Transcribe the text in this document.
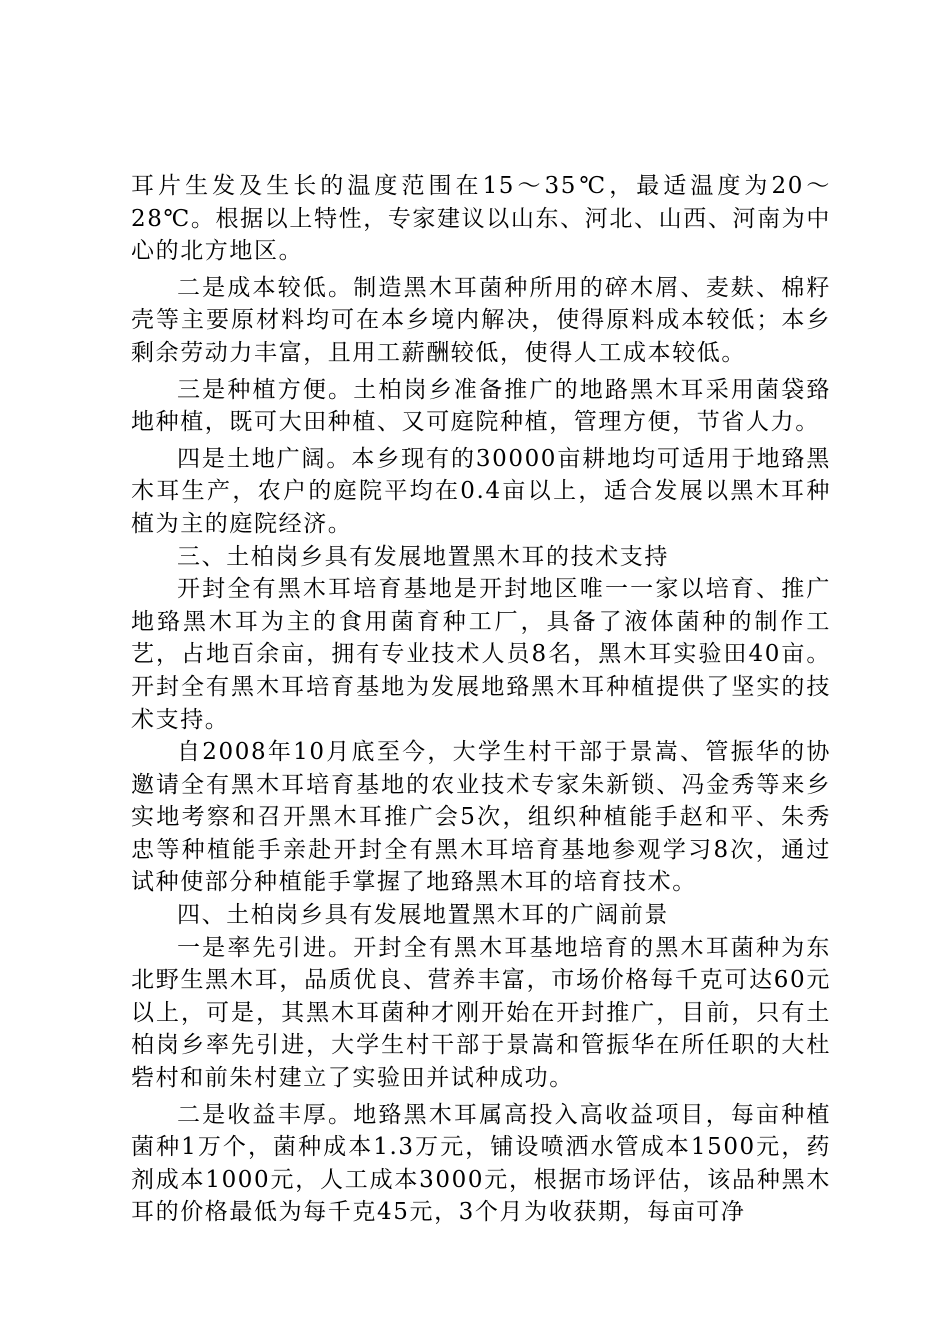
耳片生发及生长的温度范围在15～35℃，最适温度为20～28℃。根据以上特性，专家建议以山东、河北、山西、河南为中心的北方地区。

二是成本较低。制造黑木耳菌种所用的碎木屑、麦麸、棉籽壳等主要原材料均可在本乡境内解决，使得原料成本较低；本乡剩余劳动力丰富，且用工薪酬较低，使得人工成本较低。

三是种植方便。土柏岗乡准备推广的地路黑木耳采用菌袋臵地种植，既可大田种植、又可庭院种植，管理方便，节省人力。

四是土地广阔。本乡现有的30000亩耕地均可适用于地臵黑木耳生产，农户的庭院平均在0.4亩以上，适合发展以黑木耳种植为主的庭院经济。

三、土柏岗乡具有发展地置黑木耳的技术支持

开封全有黑木耳培育基地是开封地区唯一一家以培育、推广地臵黑木耳为主的食用菌育种工厂，具备了液体菌种的制作工艺，占地百余亩，拥有专业技术人员8名，黑木耳实验田40亩。开封全有黑木耳培育基地为发展地臵黑木耳种植提供了坚实的技术支持。

自2008年10月底至今，大学生村干部于景嵩、管振华的协邀请全有黑木耳培育基地的农业技术专家朱新锁、冯金秀等来乡实地考察和召开黑木耳推广会5次，组织种植能手赵和平、朱秀忠等种植能手亲赴开封全有黑木耳培育基地参观学习8次，通过试种使部分种植能手掌握了地臵黑木耳的培育技术。

四、土柏岗乡具有发展地置黑木耳的广阔前景

一是率先引进。开封全有黑木耳基地培育的黑木耳菌种为东北野生黑木耳，品质优良、营养丰富，市场价格每千克可达60元以上，可是，其黑木耳菌种才刚开始在开封推广，目前，只有土柏岗乡率先引进，大学生村干部于景嵩和管振华在所任职的大杜砦村和前朱村建立了实验田并试种成功。

二是收益丰厚。地臵黑木耳属高投入高收益项目，每亩种植菌种1万个，菌种成本1.3万元，铺设喷洒水管成本1500元，药剂成本1000元，人工成本3000元，根据市场评估，该品种黑木耳的价格最低为每千克45元，3个月为收获期，每亩可净
